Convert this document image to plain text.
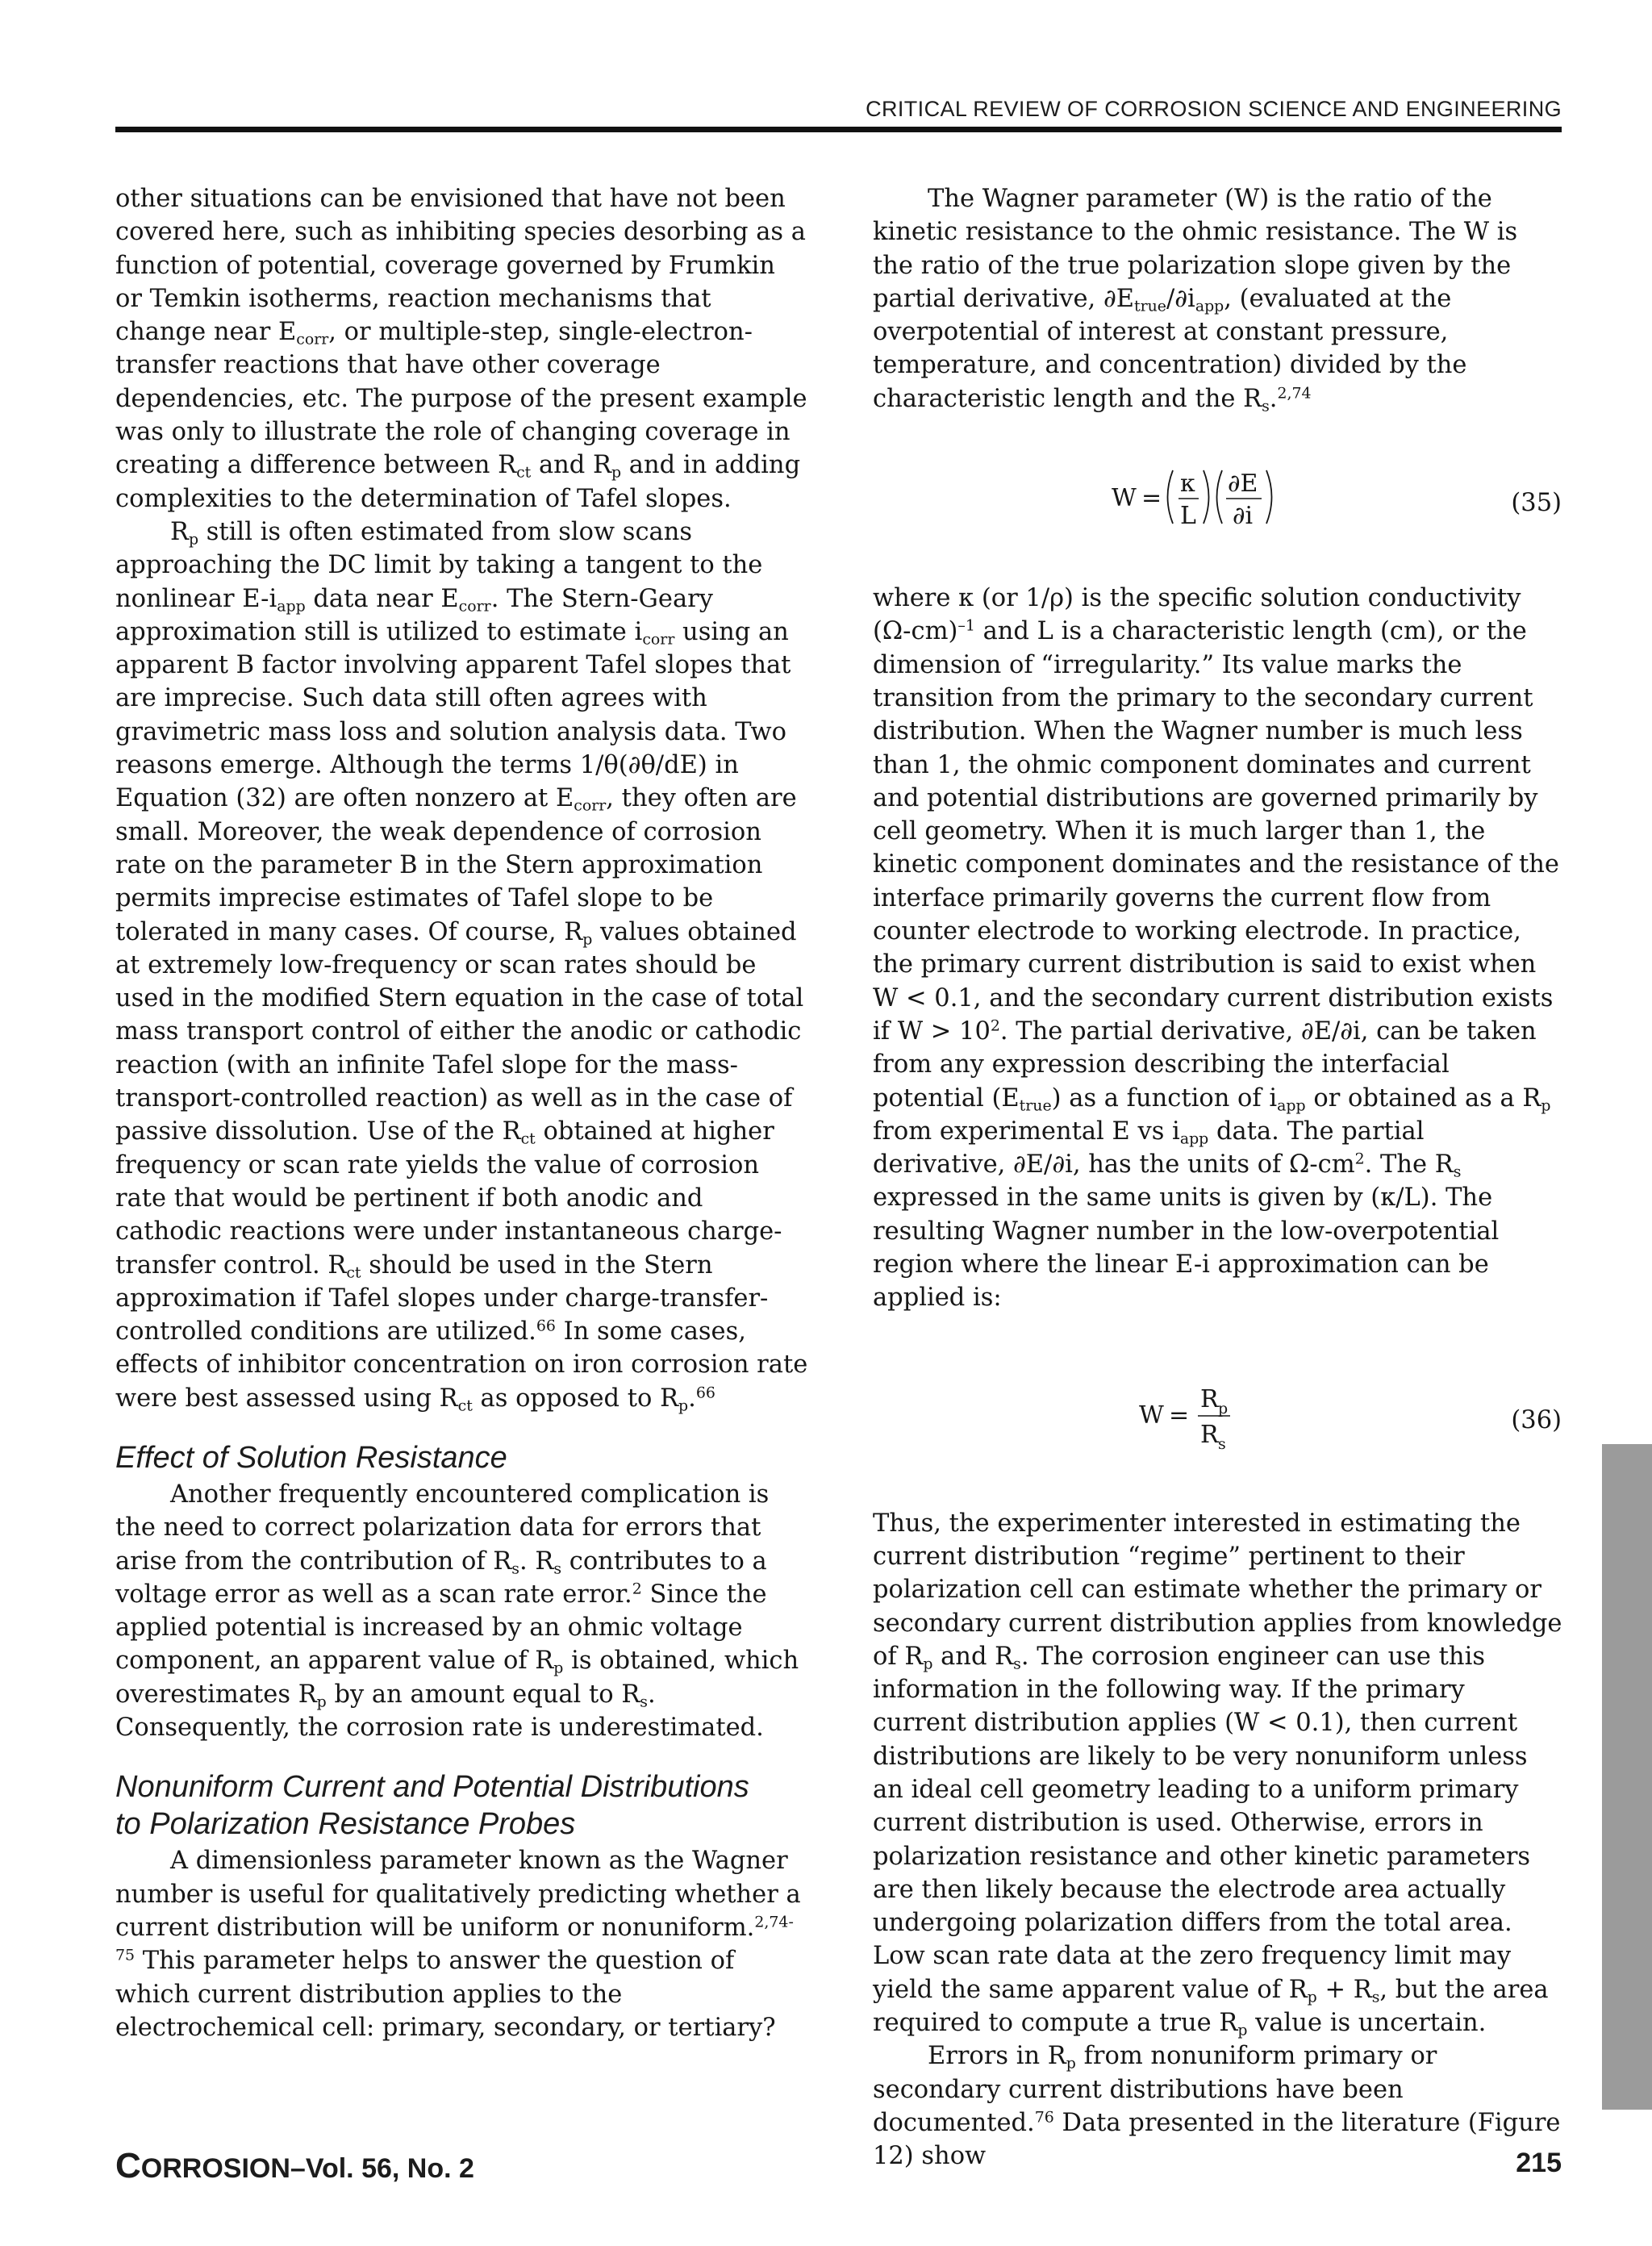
CRITICAL REVIEW OF CORROSION SCIENCE AND ENGINEERING

other situations can be envisioned that have not been covered here, such as inhibiting species desorbing as a function of potential, coverage governed by Frumkin or Temkin isotherms, reaction mechanisms that change near $E_{corr}$, or multiple-step, single-electron-transfer reactions that have other coverage dependencies, etc. The purpose of the present example was only to illustrate the role of changing coverage in creating a difference between $R_{ct}$ and $R_p$ and in adding complexities to the determination of Tafel slopes.

$R_p$ still is often estimated from slow scans approaching the DC limit by taking a tangent to the nonlinear $E-i_{app}$ data near $E_{corr}$. The Stern-Geary approximation still is utilized to estimate $i_{corr}$ using an apparent B factor involving apparent Tafel slopes that are imprecise. Such data still often agrees with gravimetric mass loss and solution analysis data. Two reasons emerge. Although the terms 1/θ(∂θ/dE) in Equation (32) are often nonzero at $E_{corr}$, they often are small. Moreover, the weak dependence of corrosion rate on the parameter B in the Stern approximation permits imprecise estimates of Tafel slope to be tolerated in many cases. Of course, $R_p$ values obtained at extremely low-frequency or scan rates should be used in the modified Stern equation in the case of total mass transport control of either the anodic or cathodic reaction (with an infinite Tafel slope for the mass-transport-controlled reaction) as well as in the case of passive dissolution. Use of the $R_{ct}$ obtained at higher frequency or scan rate yields the value of corrosion rate that would be pertinent if both anodic and cathodic reactions were under instantaneous charge-transfer control. $R_{ct}$ should be used in the Stern approximation if Tafel slopes under charge-transfer-controlled conditions are utilized.$^{66}$ In some cases, effects of inhibitor concentration on iron corrosion rate were best assessed using $R_{ct}$ as opposed to $R_p.^{66}$

Effect of Solution Resistance

Another frequently encountered complication is the need to correct polarization data for errors that arise from the contribution of $R_s$. $R_s$ contributes to a voltage error as well as a scan rate error.$^2$ Since the applied potential is increased by an ohmic voltage component, an apparent value of $R_p$ is obtained, which overestimates $R_p$ by an amount equal to $R_s$. Consequently, the corrosion rate is underestimated.

Nonuniform Current and Potential Distributions
to Polarization Resistance Probes

A dimensionless parameter known as the Wagner number is useful for qualitatively predicting whether a current distribution will be uniform or nonuniform.$^{2,74-75}$ This parameter helps to answer the question of which current distribution applies to the electrochemical cell: primary, secondary, or tertiary?

The Wagner parameter (W) is the ratio of the kinetic resistance to the ohmic resistance. The W is the ratio of the true polarization slope given by the partial derivative, $\partial E_{true}/\partial i_{app}$, (evaluated at the overpotential of interest at constant pressure, temperature, and concentration) divided by the characteristic length and the $R_s.^{2,74}$

W =
κ
L
∂E
∂i	(35)

where κ (or 1/ρ) is the specific solution conductivity $(\Omega-cm)^{-1}$ and L is a characteristic length (cm), or the dimension of “irregularity.” Its value marks the transition from the primary to the secondary current distribution. When the Wagner number is much less than 1, the ohmic component dominates and current and potential distributions are governed primarily by cell geometry. When it is much larger than 1, the kinetic component dominates and the resistance of the interface primarily governs the current flow from counter electrode to working electrode. In practice, the primary current distribution is said to exist when W < 0.1, and the secondary current distribution exists if $W > 10^2$. The partial derivative, ∂E/∂i, can be taken from any expression describing the interfacial potential $(E_{true})$ as a function of $i_{app}$ or obtained as a $R_p$ from experimental E vs $i_{app}$ data. The partial derivative, ∂E/∂i, has the units of $\Omega-cm^2$. The $R_s$ expressed in the same units is given by (κ/L). The resulting Wagner number in the low-overpotential region where the linear E-i approximation can be applied is:

W =
R p
R s
(36)

Thus, the experimenter interested in estimating the current distribution “regime” pertinent to their polarization cell can estimate whether the primary or secondary current distribution applies from knowledge of $R_p$ and $R_s$. The corrosion engineer can use this information in the following way. If the primary current distribution applies (W < 0.1), then current distributions are likely to be very nonuniform unless an ideal cell geometry leading to a uniform primary current distribution is used. Otherwise, errors in polarization resistance and other kinetic parameters are then likely because the electrode area actually undergoing polarization differs from the total area. Low scan rate data at the zero frequency limit may yield the same apparent value of $R_p + R_s$, but the area required to compute a true $R_p$ value is uncertain.

Errors in $R_p$ from nonuniform primary or secondary current distributions have been documented.$^{76}$ Data presented in the literature (Figure 12) show

CORROSION–Vol. 56, No. 2	215
